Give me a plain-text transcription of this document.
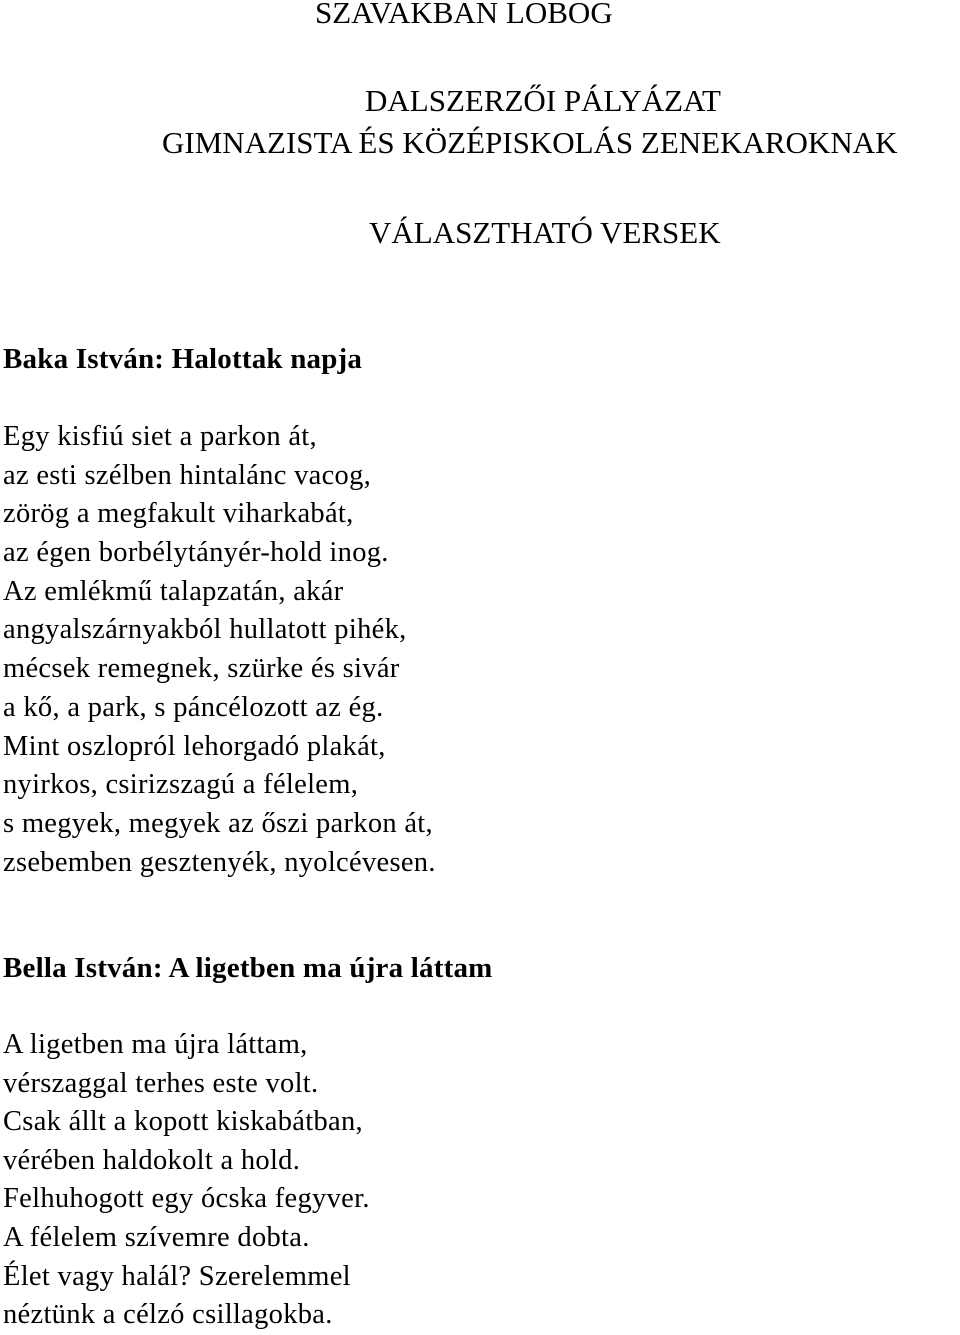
SZAVAKBAN LOBOG
DALSZERZŐI PÁLYÁZAT
GIMNAZISTA ÉS KÖZÉPISKOLÁS ZENEKAROKNAK
VÁLASZTHATÓ VERSEK
Baka István: Halottak napja
Egy kisfiú siet a parkon át,
az esti szélben hintalánc vacog,
zörög a megfakult viharkabát,
az égen borbélytányér-hold inog.
Az emlékmű talapzatán, akár
angyalszárnyakból hullatott pihék,
mécsek remegnek, szürke és sivár
a kő, a park, s páncélozott az ég.
Mint oszlopról lehorgadó plakát,
nyirkos, csirizszagú a félelem,
s megyek, megyek az őszi parkon át,
zsebemben gesztenyék, nyolcévesen.
Bella István: A ligetben ma újra láttam
A ligetben ma újra láttam,
vérszaggal terhes este volt.
Csak állt a kopott kiskabátban,
vérében haldokolt a hold.
Felhuhogott egy ócska fegyver.
A félelem szívemre dobta.
Élet vagy halál? Szerelemmel
néztünk a célzó csillagokba.
